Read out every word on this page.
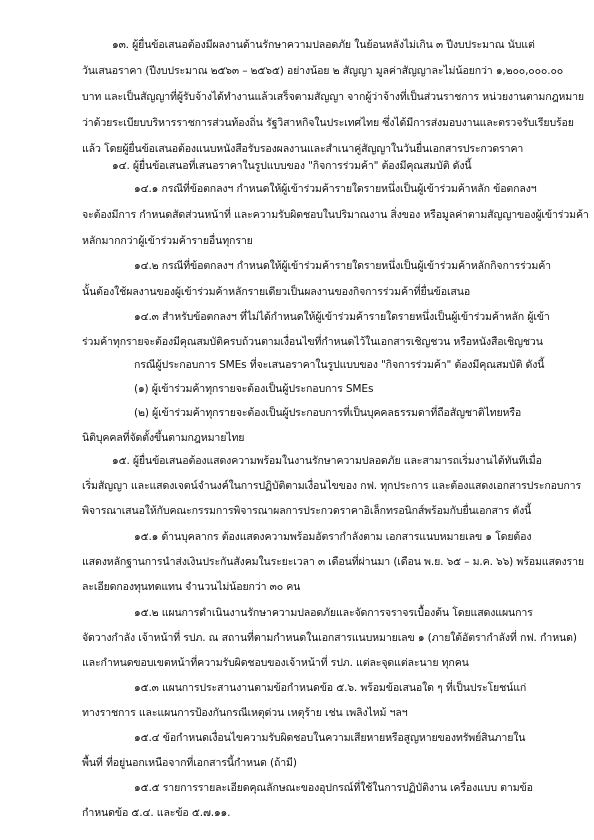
๑๓. ผู้ยื่นข้อเสนอต้องมีผลงานด้านรักษาความปลอดภัย ในย้อนหลังไม่เกิน ๓ ปีงบประมาณ นับแต่
วันเสนอราคา (ปีงบประมาณ ๒๕๖๓ – ๒๕๖๕) อย่างน้อย ๒ สัญญา มูลค่าสัญญาละไม่น้อยกว่า ๑,๒๐๐,๐๐๐.๐๐
บาท และเป็นสัญญาที่ผู้รับจ้างได้ทำงานแล้วเสร็จตามสัญญา จากผู้ว่าจ้างที่เป็นส่วนราชการ หน่วยงานตามกฎหมาย
ว่าด้วยระเบียบบริหารราชการส่วนท้องถิ่น รัฐวิสาหกิจในประเทศไทย ซึ่งได้มีการส่งมอบงานและตรวจรับเรียบร้อย
แล้ว โดยผู้ยื่นข้อเสนอต้องแนบหนังสือรับรองผลงานและสำเนาคู่สัญญาในวันยื่นเอกสารประกวดราคา
๑๔. ผู้ยื่นข้อเสนอที่เสนอราคาในรูปแบบของ "กิจการร่วมค้า" ต้องมีคุณสมบัติ ดังนี้
๑๔.๑ กรณีที่ข้อตกลงฯ กำหนดให้ผู้เข้าร่วมค้ารายใดรายหนึ่งเป็นผู้เข้าร่วมค้าหลัก ข้อตกลงฯ
จะต้องมีการ กำหนดสัดส่วนหน้าที่ และความรับผิดชอบในปริมาณงาน สิ่งของ หรือมูลค่าตามสัญญาของผู้เข้าร่วมค้า
หลักมากกว่าผู้เข้าร่วมค้ารายอื่นทุกราย
๑๔.๒ กรณีที่ข้อตกลงฯ กำหนดให้ผู้เข้าร่วมค้ารายใดรายหนึ่งเป็นผู้เข้าร่วมค้าหลักกิจการร่วมค้า
นั้นต้องใช้ผลงานของผู้เข้าร่วมค้าหลักรายเดียวเป็นผลงานของกิจการร่วมค้าที่ยื่นข้อเสนอ
๑๔.๓ สำหรับข้อตกลงฯ ที่ไม่ได้กำหนดให้ผู้เข้าร่วมค้ารายใดรายหนึ่งเป็นผู้เข้าร่วมค้าหลัก ผู้เข้า
ร่วมค้าทุกรายจะต้องมีคุณสมบัติครบถ้วนตามเงื่อนไขที่กำหนดไว้ในเอกสารเชิญชวน หรือหนังสือเชิญชวน
กรณีผู้ประกอบการ SMEs ที่จะเสนอราคาในรูปแบบของ "กิจการร่วมค้า" ต้องมีคุณสมบัติ ดังนี้
(๑) ผู้เข้าร่วมค้าทุกรายจะต้องเป็นผู้ประกอบการ SMEs
(๒) ผู้เข้าร่วมค้าทุกรายจะต้องเป็นผู้ประกอบการที่เป็นบุคคลธรรมดาที่ถือสัญชาติไทยหรือ
นิติบุคคลที่จัดตั้งขึ้นตามกฎหมายไทย
๑๕. ผู้ยื่นข้อเสนอต้องแสดงความพร้อมในงานรักษาความปลอดภัย และสามารถเริ่มงานได้ทันทีเมื่อ
เริ่มสัญญา และแสดงเจตน์จำนงค์ในการปฏิบัติตามเงื่อนไขของ กฟ. ทุกประการ และต้องแสดงเอกสารประกอบการ
พิจารณาเสนอให้กับคณะกรรมการพิจารณาผลการประกวดราคาอิเล็กทรอนิกส์พร้อมกับยื่นเอกสาร ดังนี้
๑๕.๑ ด้านบุคลากร ต้องแสดงความพร้อมอัตรากำลังตาม เอกสารแนบหมายเลข ๑ โดยต้อง
แสดงหลักฐานการนำส่งเงินประกันสังคมในระยะเวลา ๓ เดือนที่ผ่านมา (เดือน พ.ย. ๖๕ – ม.ค. ๖๖) พร้อมแสดงราย
ละเอียดกองทุนทดแทน จำนวนไม่น้อยกว่า ๓๐ คน
๑๕.๒ แผนการดำเนินงานรักษาความปลอดภัยและจัดการจราจรเบื้องต้น โดยแสดงแผนการ
จัดวางกำลัง เจ้าหน้าที่ รปภ. ณ สถานที่ตามกำหนดในเอกสารแนบหมายเลข ๑ (ภายใต้อัตรากำลังที่ กฟ. กำหนด)
และกำหนดขอบเขตหน้าที่ความรับผิดชอบของเจ้าหน้าที่ รปภ. แต่ละจุดแต่ละนาย ทุกคน
๑๕.๓ แผนการประสานงานตามข้อกำหนดข้อ ๕.๖. พร้อมข้อเสนอใด ๆ ที่เป็นประโยชน์แก่
ทางราชการ และแผนการป้องกันกรณีเหตุด่วน เหตุร้าย เช่น เพลิงไหม้ ฯลฯ
๑๕.๔ ข้อกำหนดเงื่อนไขความรับผิดชอบในความเสียหายหรือสูญหายของทรัพย์สินภายใน
พื้นที่ ที่อยู่นอกเหนือจากที่เอกสารนี้กำหนด (ถ้ามี)
๑๕.๕ รายการรายละเอียดคุณลักษณะของอุปกรณ์ที่ใช้ในการปฏิบัติงาน เครื่องแบบ ตามข้อ
กำหนดข้อ ๕.๔. และข้อ ๕.๗.๑๑.
